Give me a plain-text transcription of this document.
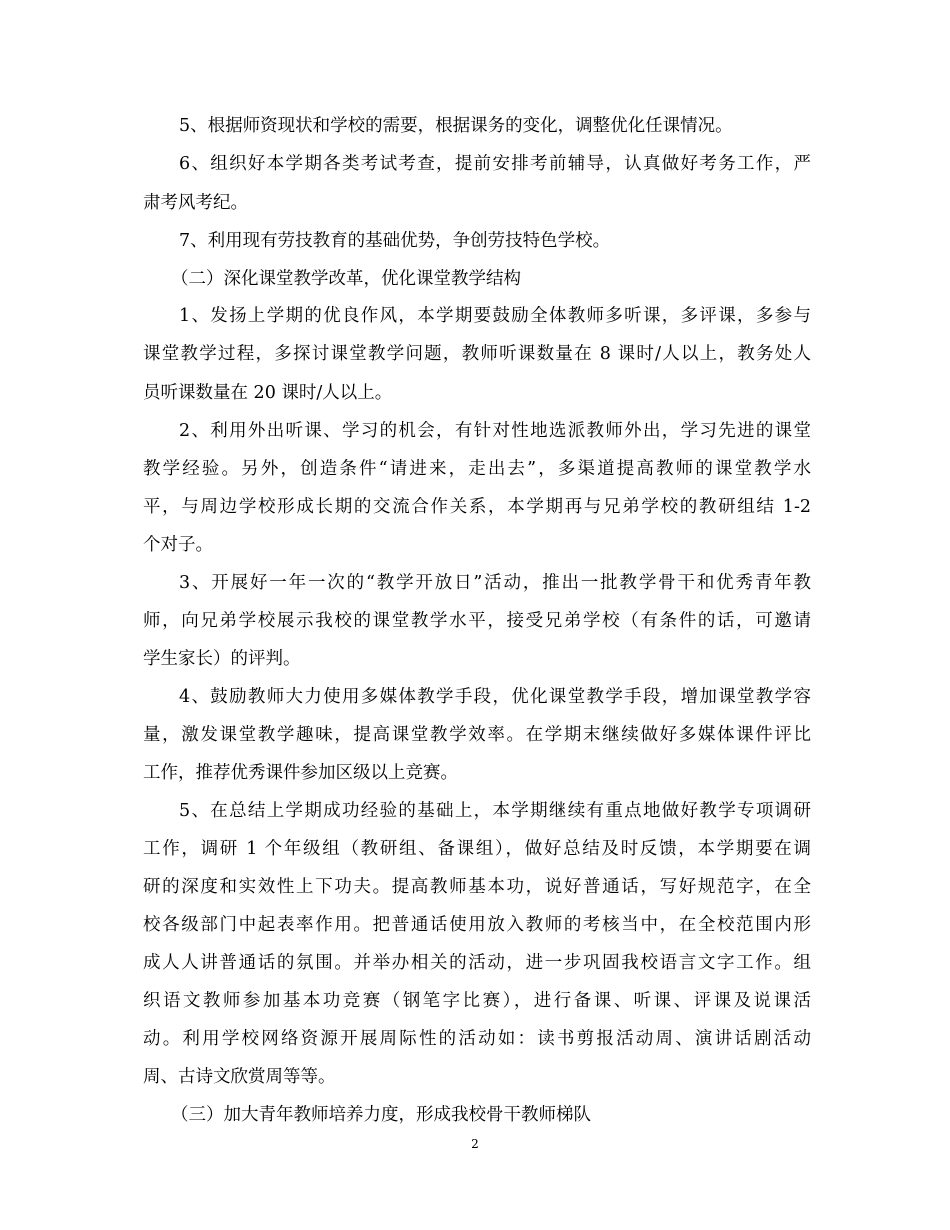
5、根据师资现状和学校的需要，根据课务的变化，调整优化任课情况。
6、组织好本学期各类考试考查，提前安排考前辅导，认真做好考务工作，严
肃考风考纪。
7、利用现有劳技教育的基础优势，争创劳技特色学校。
（二）深化课堂教学改革，优化课堂教学结构
1、发扬上学期的优良作风，本学期要鼓励全体教师多听课，多评课，多参与
课堂教学过程，多探讨课堂教学问题，教师听课数量在 8 课时/人以上，教务处人
员听课数量在 20 课时/人以上。
2、利用外出听课、学习的机会，有针对性地选派教师外出，学习先进的课堂
教学经验。另外，创造条件“请进来，走出去”，多渠道提高教师的课堂教学水
平，与周边学校形成长期的交流合作关系，本学期再与兄弟学校的教研组结 1-2
个对子。
3、开展好一年一次的“教学开放日”活动，推出一批教学骨干和优秀青年教
师，向兄弟学校展示我校的课堂教学水平，接受兄弟学校（有条件的话，可邀请
学生家长）的评判。
4、鼓励教师大力使用多媒体教学手段，优化课堂教学手段，增加课堂教学容
量，激发课堂教学趣味，提高课堂教学效率。在学期末继续做好多媒体课件评比
工作，推荐优秀课件参加区级以上竞赛。
5、在总结上学期成功经验的基础上，本学期继续有重点地做好教学专项调研
工作，调研 1 个年级组（教研组、备课组），做好总结及时反馈，本学期要在调
研的深度和实效性上下功夫。提高教师基本功，说好普通话，写好规范字，在全
校各级部门中起表率作用。把普通话使用放入教师的考核当中，在全校范围内形
成人人讲普通话的氛围。并举办相关的活动，进一步巩固我校语言文字工作。组
织语文教师参加基本功竞赛（钢笔字比赛），进行备课、听课、评课及说课活
动。利用学校网络资源开展周际性的活动如：读书剪报活动周、演讲话剧活动
周、古诗文欣赏周等等。
（三）加大青年教师培养力度，形成我校骨干教师梯队
2
